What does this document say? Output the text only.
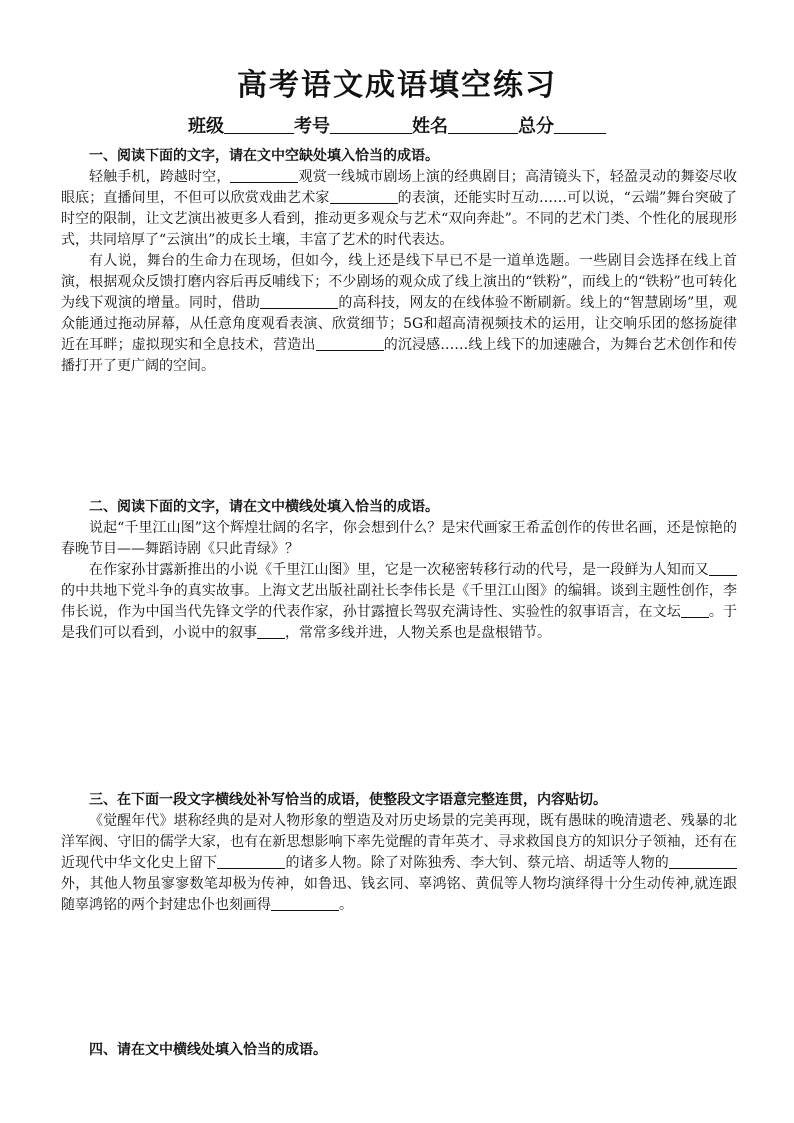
高考语文成语填空练习
班级	考号	姓名	总分
一、阅读下面的文字，请在文中空缺处填入恰当的成语。
轻触手机，跨越时空，	观赏一线城市剧场上演的经典剧目；高清镜头下，轻盈灵动的舞姿尽收眼底；直播间里，不但可以欣赏戏曲艺术家	的表演，还能实时互动……可以说，“云端”舞台突破了时空的限制，让文艺演出被更多人看到，推动更多观众与艺术“双向奔赴”。不同的艺术门类、个性化的展现形式，共同培厚了“云演出”的成长土壤，丰富了艺术的时代表达。
有人说，舞台的生命力在现场，但如今，线上还是线下早已不是一道单选题。一些剧目会选择在线上首演，根据观众反馈打磨内容后再反哺线下；不少剧场的观众成了线上演出的“铁粉”，而线上的“铁粉”也可转化为线下观演的增量。同时，借助	的高科技，网友的在线体验不断刷新。线上的“智慧剧场”里，观众能通过拖动屏幕，从任意角度观看表演、欣赏细节；5G和超高清视频技术的运用，让交响乐团的悠扬旋律近在耳畔；虚拟现实和全息技术，营造出	的沉浸感……线上线下的加速融合，为舞台艺术创作和传播打开了更广阔的空间。
二、阅读下面的文字，请在文中横线处填入恰当的成语。
说起“千里江山图”这个辉煌壮阔的名字，你会想到什么？是宋代画家王希孟创作的传世名画，还是惊艳的春晚节目——舞蹈诗剧《只此青绿》？
在作家孙甘露新推出的小说《千里江山图》里，它是一次秘密转移行动的代号，是一段鲜为人知而又的中共地下党斗争的真实故事。上海文艺出版社副社长李伟长是《千里江山图》的编辑。谈到主题性创作，李伟长说，作为中国当代先锋文学的代表作家，孙甘露擅长驾驭充满诗性、实验性的叙事语言，在文坛 。于是我们可以看到，小说中的叙事 ，常常多线并进，人物关系也是盘根错节。
三、在下面一段文字横线处补写恰当的成语，使整段文字语意完整连贯，内容贴切。
《觉醒年代》堪称经典的是对人物形象的塑造及对历史场景的完美再现，既有愚昧的晚清遗老、残暴的北洋军阀、守旧的儒学大家，也有在新思想影响下率先觉醒的青年英才、寻求救国良方的知识分子领袖，还有在近现代中华文化史上留下	的诸多人物。除了对陈独秀、李大钊、蔡元培、胡适等人物的外，其他人物虽寥寥数笔却极为传神，如鲁迅、钱玄同、辜鸿铭、黄侃等人物均演绎得十分生动传神,就连跟随辜鸿铭的两个封建忠仆也刻画得	。
四、请在文中横线处填入恰当的成语。
